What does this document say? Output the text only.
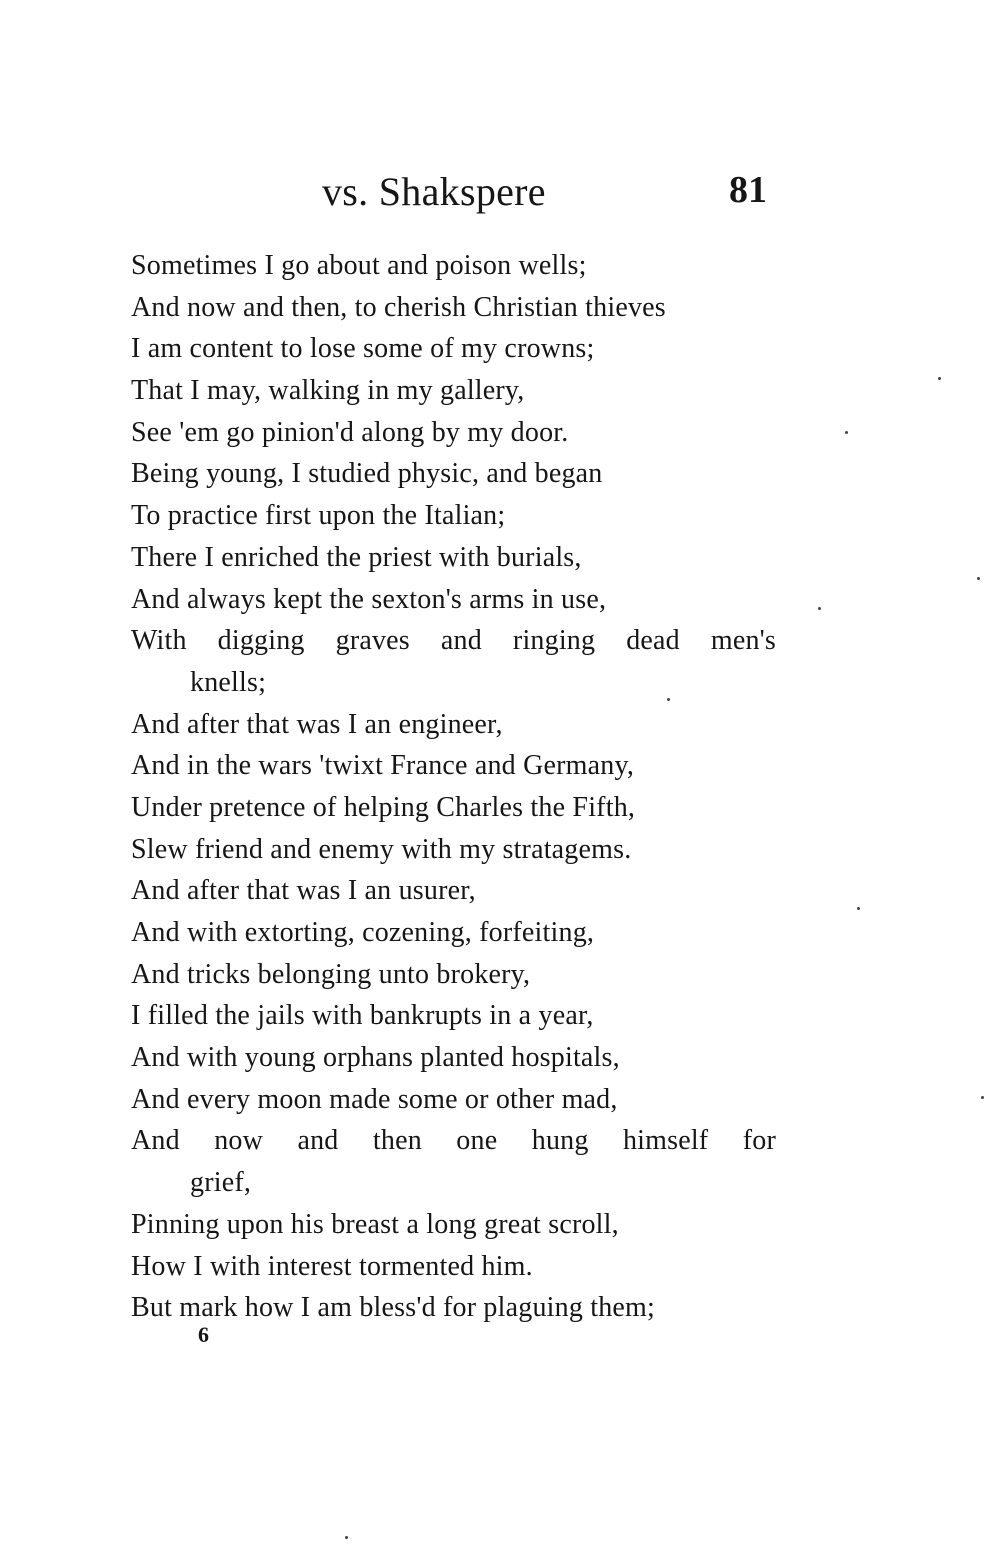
vs. Shakspere	81
Sometimes I go about and poison wells;
And now and then, to cherish Christian thieves
I am content to lose some of my crowns;
That I may, walking in my gallery,
See 'em go pinion'd along by my door.
Being young, I studied physic, and began
To practice first upon the Italian;
There I enriched the priest with burials,
And always kept the sexton's arms in use,
With digging graves and ringing dead men's
knells;
And after that was I an engineer,
And in the wars 'twixt France and Germany,
Under pretence of helping Charles the Fifth,
Slew friend and enemy with my stratagems.
And after that was I an usurer,
And with extorting, cozening, forfeiting,
And tricks belonging unto brokery,
I filled the jails with bankrupts in a year,
And with young orphans planted hospitals,
And every moon made some or other mad,
And now and then one hung himself for
grief,
Pinning upon his breast a long great scroll,
How I with interest tormented him.
But mark how I am bless'd for plaguing them;
6
